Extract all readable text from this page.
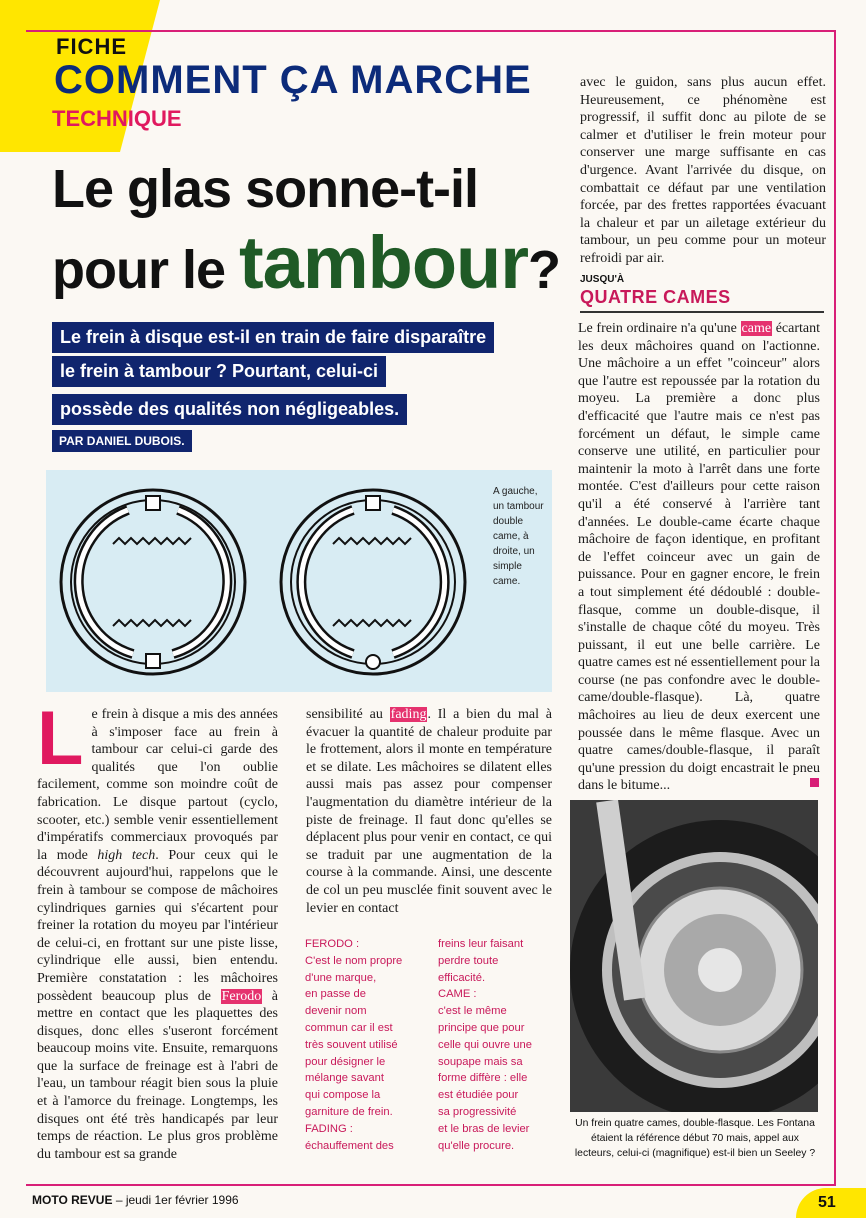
FICHE
COMMENT ÇA MARCHE
TECHNIQUE
Le glas sonne-t-il
pour le tambour?
Le frein à disque est-il en train de faire disparaître
le frein à tambour ? Pourtant, celui-ci
possède des qualités non négligeables.
PAR DANIEL DUBOIS.
A gauche, un tambour double came, à droite, un simple came.
Le frein à disque a mis des années à s'imposer face au frein à tambour car celui-ci garde des qualités que l'on oublie facilement, comme son moindre coût de fabrication. Le disque partout (cyclo, scooter, etc.) semble venir essentiellement d'impératifs commerciaux provoqués par la mode high tech. Pour ceux qui le découvrent aujourd'hui, rappelons que le frein à tambour se compose de mâchoires cylindriques garnies qui s'écartent pour freiner la rotation du moyeu par l'intérieur de celui-ci, en frottant sur une piste lisse, cylindrique elle aussi, bien entendu. Première constatation : les mâchoires possèdent beaucoup plus de Ferodo à mettre en contact que les plaquettes des disques, donc elles s'useront forcément beaucoup moins vite. Ensuite, remarquons que la surface de freinage est à l'abri de l'eau, un tambour réagit bien sous la pluie et à l'amorce du freinage. Longtemps, les disques ont été très handicapés par leur temps de réaction. Le plus gros problème du tambour est sa grande
sensibilité au fading. Il a bien du mal à évacuer la quantité de chaleur produite par le frottement, alors il monte en température et se dilate. Les mâchoires se dilatent elles aussi mais pas assez pour compenser l'augmentation du diamètre intérieur de la piste de freinage. Il faut donc qu'elles se déplacent plus pour venir en contact, ce qui se traduit par une augmentation de la course à la commande. Ainsi, une descente de col un peu musclée finit souvent avec le levier en contact
FERODO :
C'est le nom propre
d'une marque,
en passe de
devenir nom
commun car il est
très souvent utilisé
pour désigner le
mélange savant
qui compose la
garniture de frein.
FADING :
échauffement des
freins leur faisant
perdre toute
efficacité.
CAME :
c'est le même
principe que pour
celle qui ouvre une
soupape mais sa
forme diffère : elle
est étudiée pour
sa progressivité
et le bras de levier
qu'elle procure.
avec le guidon, sans plus aucun effet. Heureusement, ce phénomène est progressif, il suffit donc au pilote de se calmer et d'utiliser le frein moteur pour conserver une marge suffisante en cas d'urgence. Avant l'arrivée du disque, on combattait ce défaut par une ventilation forcée, par des frettes rapportées évacuant la chaleur et par un ailetage extérieur du tambour, un peu comme pour un moteur refroidi par air.
JUSQU'À
QUATRE CAMES
Le frein ordinaire n'a qu'une came écartant les deux mâchoires quand on l'actionne. Une mâchoire a un effet "coinceur" alors que l'autre est repoussée par la rotation du moyeu. La première a donc plus d'efficacité que l'autre mais ce n'est pas forcément un défaut, le simple came conserve une utilité, en particulier pour maintenir la moto à l'arrêt dans une forte montée. C'est d'ailleurs pour cette raison qu'il a été conservé à l'arrière tant d'années. Le double-came écarte chaque mâchoire de façon identique, en profitant de l'effet coinceur avec un gain de puissance. Pour en gagner encore, le frein a tout simplement été dédoublé : double-flasque, comme un double-disque, il s'installe de chaque côté du moyeu. Très puissant, il eut une belle carrière. Le quatre cames est né essentiellement pour la course (ne pas confondre avec le double-came/double-flasque). Là, quatre mâchoires au lieu de deux exercent une poussée dans le même flasque. Avec un quatre cames/double-flasque, il paraît qu'une pression du doigt encastrait le pneu dans le bitume...
Un frein quatre cames, double-flasque. Les Fontana étaient la référence début 70 mais, appel aux lecteurs, celui-ci (magnifique) est-il bien un Seeley ?
MOTO REVUE – jeudi 1er février 1996	51
